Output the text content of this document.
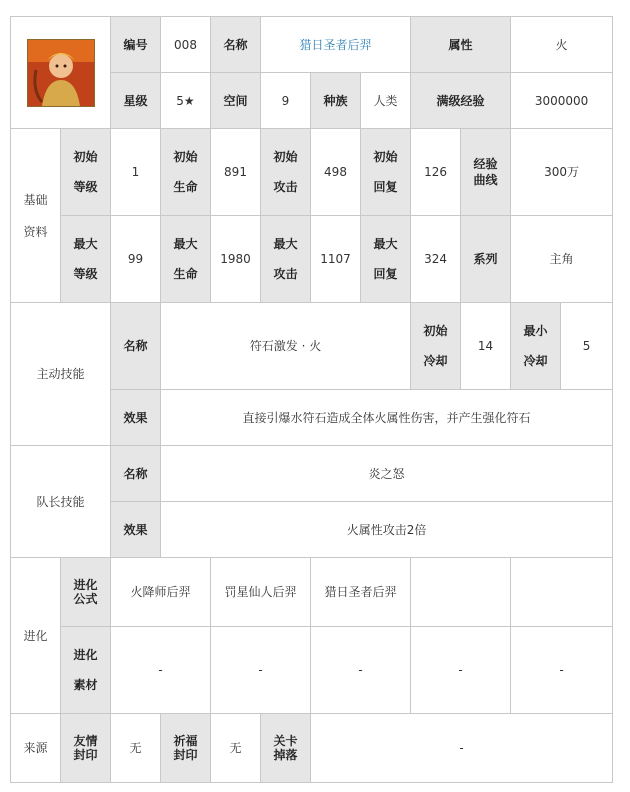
	编号	008	名称	猎日圣者后羿			属性		火	
		星级	5★	空间	9	种族	人类	满级经验		3000000	
基础

资料	初始等级	1	初始生命	891	初始攻击	498	初始回复	126	经验曲线	300万	

	最大等级	99	最大生命	1980	最大攻击	1107	最大回复	324	系列	主角	
主动技能		名称	符石激发 · 火					初始冷却	14	最小冷却	5
		效果	直接引爆水符石造成全体火属性伤害，并产生强化符石								
队长技能		名称	炎之怒								
		效果	火属性攻击2倍								
进化	进化公式	火降师后羿		罚星仙人后羿		猎日圣者后羿					

	进化素材	-		-		-		-		-	
来源	友情封印	无	祈福封印	无	关卡掉落	-					
